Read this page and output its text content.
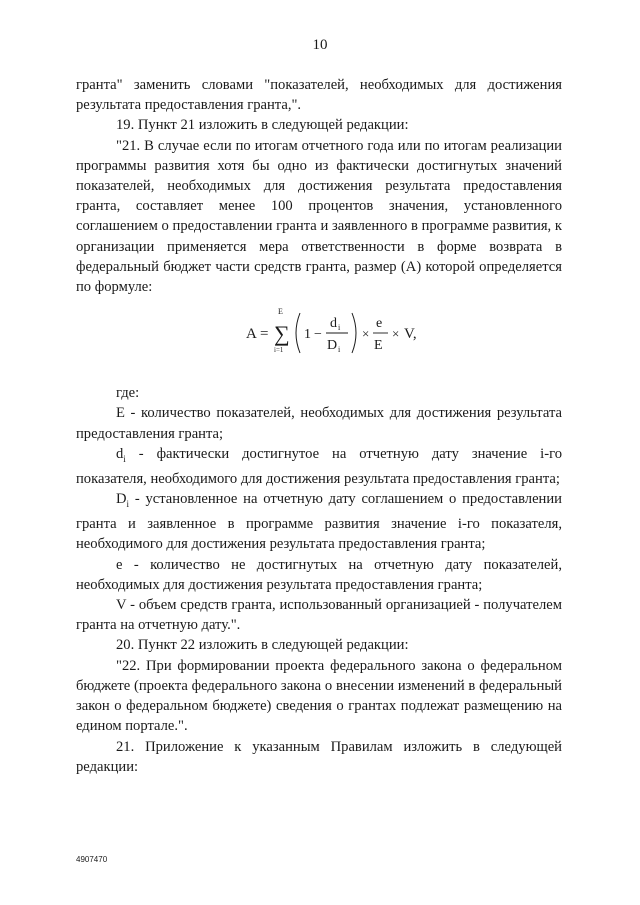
10

гранта" заменить словами "показателей, необходимых для достижения результата предоставления гранта,".

19. Пункт 21 изложить в следующей редакции:

"21. В случае если по итогам отчетного года или по итогам реализации программы развития хотя бы одно из фактически достигнутых значений показателей, необходимых для достижения результата предоставления гранта, составляет менее 100 процентов значения, установленного соглашением о предоставлении гранта и заявленного в программе развития, к организации применяется мера ответственности в форме возврата в федеральный бюджет части средств гранта, размер (А) которой определяется по формуле:

A =
E
∑
i=1
1 −
d i
D i
×
e
E
× V,

где:

Е - количество показателей, необходимых для достижения результата предоставления гранта;

$d_i$ - фактически достигнутое на отчетную дату значение i-го показателя, необходимого для достижения результата предоставления гранта;

$D_i$ - установленное на отчетную дату соглашением о предоставлении гранта и заявленное в программе развития значение i-го показателя, необходимого для достижения результата предоставления гранта;

е - количество не достигнутых на отчетную дату показателей, необходимых для достижения результата предоставления гранта;

V - объем средств гранта, использованный организацией - получателем гранта на отчетную дату.".

20. Пункт 22 изложить в следующей редакции:

"22. При формировании проекта федерального закона о федеральном бюджете (проекта федерального закона о внесении изменений в федеральный закон о федеральном бюджете) сведения о грантах подлежат размещению на едином портале.".

21. Приложение к указанным Правилам изложить в следующей редакции:

4907470
